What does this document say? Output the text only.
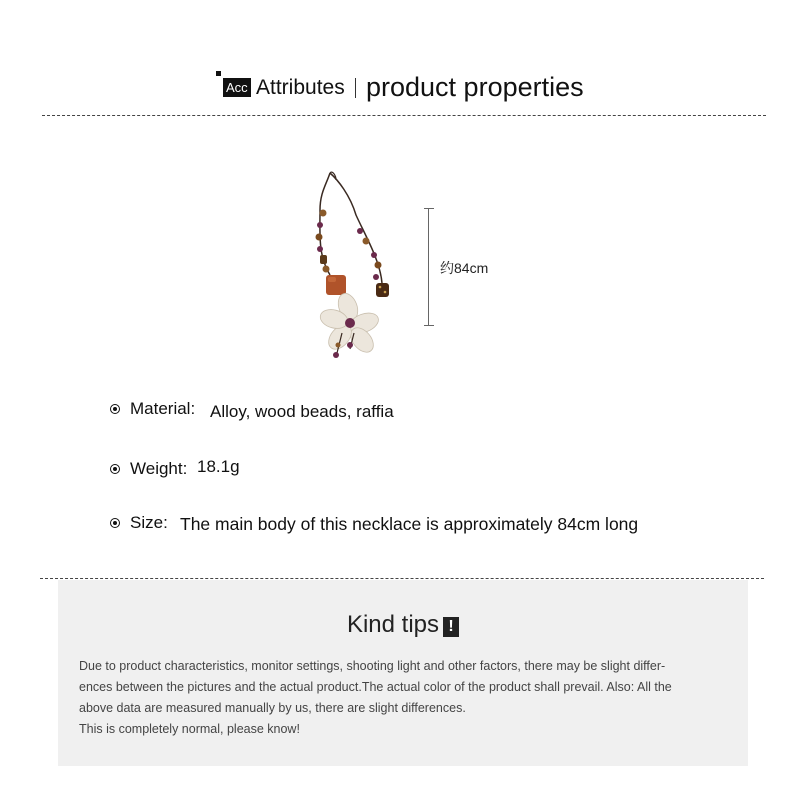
Acc Attributes product properties
约84cm
Material: Alloy, wood beads, raffia
Weight: 18.1g
Size: The main body of this necklace is approximately 84cm long
Kind tips !

Due to product characteristics, monitor settings, shooting light and other factors, there may be slight differ-

ences between the pictures and the actual product.The actual color of the product shall prevail. Also: All the

above data are measured manually by us, there are slight differences.

This is completely normal, please know!
